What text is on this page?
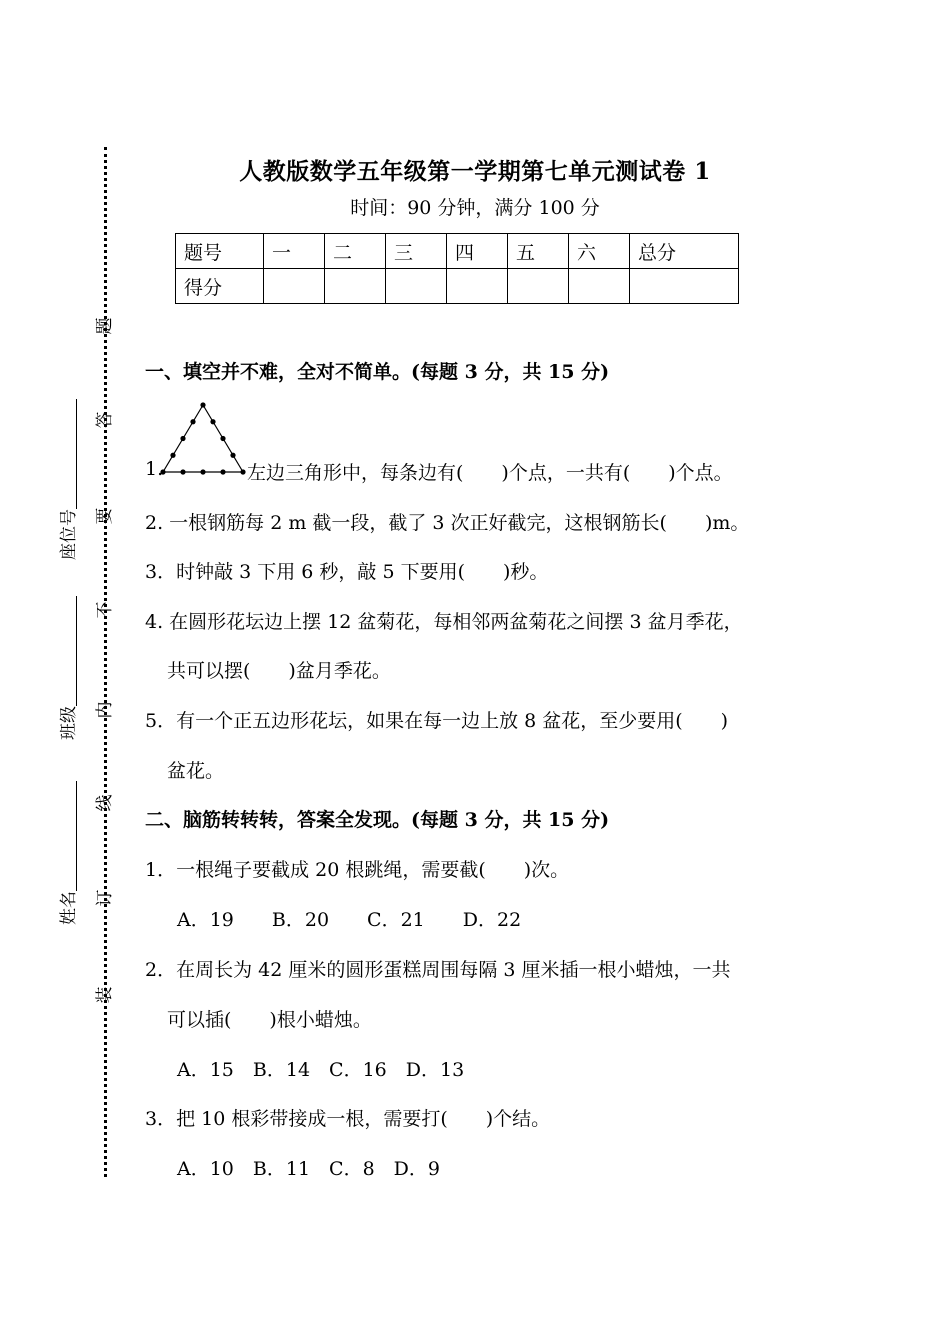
题
答
要
不
内
线
订
装
座位号
班级
姓名
人教版数学五年级第一学期第七单元测试卷 1
时间：90 分钟，满分 100 分
题号	一	二	三	四	五	六	总分
得分							
一、填空并不难，全对不简单。(每题 3 分，共 15 分)
1.	左边三角形中，每条边有(　　)个点，一共有(　　)个点。
2. 一根钢筋每 2 m 截一段，截了 3 次正好截完，这根钢筋长(　　)m。
3．时钟敲 3 下用 6 秒，敲 5 下要用(　　)秒。
4. 在圆形花坛边上摆 12 盆菊花，每相邻两盆菊花之间摆 3 盆月季花，
共可以摆(　　)盆月季花。
5．有一个正五边形花坛，如果在每一边上放 8 盆花，至少要用(　　)
盆花。
二、脑筋转转转，答案全发现。(每题 3 分，共 15 分)
1．一根绳子要截成 20 根跳绳，需要截(　　)次。
A．19　　B．20　　C．21　　D．22
2．在周长为 42 厘米的圆形蛋糕周围每隔 3 厘米插一根小蜡烛，一共
可以插(　　)根小蜡烛。
A．15　B．14　C．16　D．13
3．把 10 根彩带接成一根，需要打(　　)个结。
A．10　B．11　C．8　D．9
